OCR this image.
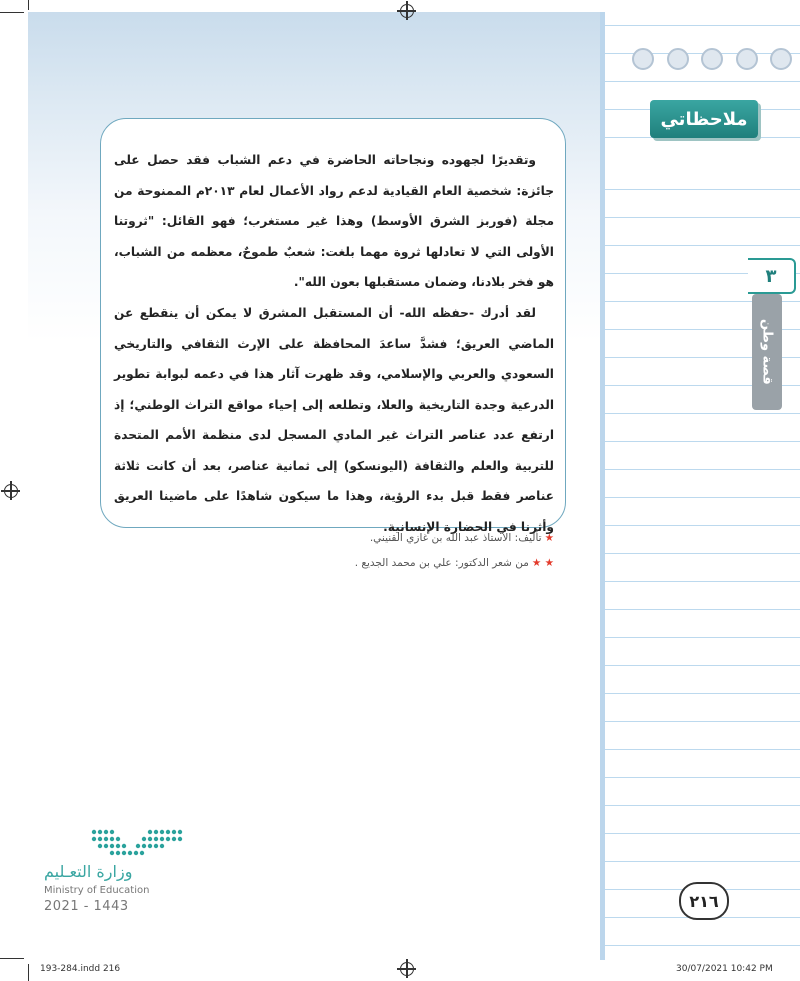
ملاحظاتي
٣
قصة وطن

وتقديرًا لجهوده ونجاحاته الحاضرة في دعم الشباب فقد حصل على جائزة: شخصية العام القيادية لدعم رواد الأعمال لعام ٢٠١٣م الممنوحة من مجلة (فوربز الشرق الأوسط) وهذا غير مستغرب؛ فهو القائل: "ثروتنا الأولى التي لا تعادلها ثروة مهما بلغت: شعبٌ طموحٌ، معظمه من الشباب، هو فخر بلادنا، وضمان مستقبلها بعون الله".

لقد أدرك -حفظه الله- أن المستقبل المشرق لا يمكن أن ينقطع عن الماضي العريق؛ فشدَّ ساعدَ المحافظة على الإرث الثقافي والتاريخي السعودي والعربي والإسلامي، وقد ظهرت آثار هذا في دعمه لبوابة تطوير الدرعية وجدة التاريخية والعلا، وتطلعه إلى إحياء مواقع التراث الوطني؛ إذ ارتفع عدد عناصر التراث غير المادي المسجل لدى منظمة الأمم المتحدة للتربية والعلم والثقافة (اليونسكو) إلى ثمانية عناصر، بعد أن كانت ثلاثة عناصر فقط قبل بدء الرؤية، وهذا ما سيكون شاهدًا على ماضينا العريق وأثرنا في الحضارة الإنسانية.

★تأليف: الأستاذ عبد الله بن غازي القنيني.
★ ★من شعر الدكتور: علي بن محمد الجديع .
وزارة التعـليم
Ministry of Education
2021 - 1443	٢١٦
193-284.indd 216	30/07/2021 10:42 PM
